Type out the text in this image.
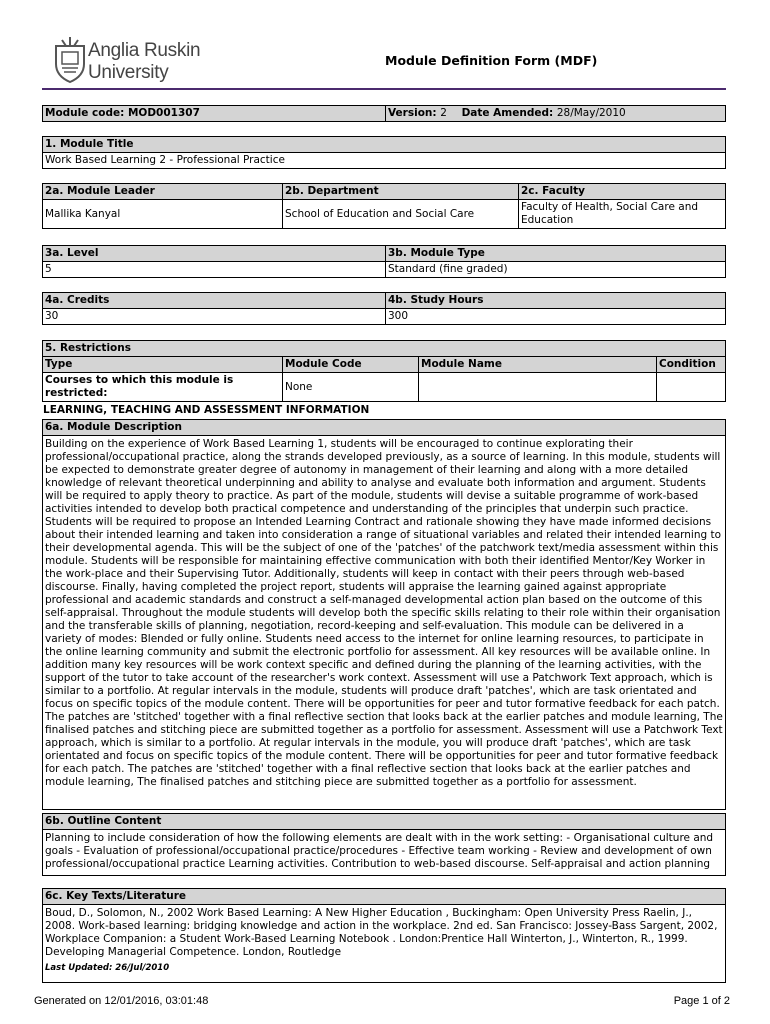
Anglia Ruskin
University
Module Definition Form (MDF)
Module code: MOD001307	Version: 2 Date Amended: 28/May/2010
1. Module Title
Work Based Learning 2 - Professional Practice
2a. Module Leader	2b. Department	2c. Faculty
Mallika Kanyal	School of Education and Social Care	Faculty of Health, Social Care and Education
3a. Level	3b. Module Type
5	Standard (fine graded)
4a. Credits	4b. Study Hours
30	300
5. Restrictions			
Type	Module Code	Module Name	Condition
Courses to which this module is restricted:	None		
LEARNING, TEACHING AND ASSESSMENT INFORMATION
6a. Module Description
Building on the experience of Work Based Learning 1, students will be encouraged to continue explorating their professional/occupational practice, along the strands developed previously, as a source of learning. In this module, students will be expected to demonstrate greater degree of autonomy in management of their learning and along with a more detailed knowledge of relevant theoretical underpinning and ability to analyse and evaluate both information and argument. Students will be required to apply theory to practice. As part of the module, students will devise a suitable programme of work-based activities intended to develop both practical competence and understanding of the principles that underpin such practice. Students will be required to propose an Intended Learning Contract and rationale showing they have made informed decisions about their intended learning and taken into consideration a range of situational variables and related their intended learning to their developmental agenda. This will be the subject of one of the 'patches' of the patchwork text/media assessment within this module. Students will be responsible for maintaining effective communication with both their identified Mentor/Key Worker in the work-place and their Supervising Tutor. Additionally, students will keep in contact with their peers through web-based discourse. Finally, having completed the project report, students will appraise the learning gained against appropriate professional and academic standards and construct a self-managed developmental action plan based on the outcome of this self-appraisal. Throughout the module students will develop both the specific skills relating to their role within their organisation and the transferable skills of planning, negotiation, record-keeping and self-evaluation. This module can be delivered in a variety of modes: Blended or fully online. Students need access to the internet for online learning resources, to participate in the online learning community and submit the electronic portfolio for assessment. All key resources will be available online. In addition many key resources will be work context specific and defined during the planning of the learning activities, with the support of the tutor to take account of the researcher's work context. Assessment will use a Patchwork Text approach, which is similar to a portfolio. At regular intervals in the module, students will produce draft 'patches', which are task orientated and focus on specific topics of the module content. There will be opportunities for peer and tutor formative feedback for each patch. The patches are 'stitched' together with a final reflective section that looks back at the earlier patches and module learning, The finalised patches and stitching piece are submitted together as a portfolio for assessment. Assessment will use a Patchwork Text approach, which is similar to a portfolio. At regular intervals in the module, you will produce draft 'patches', which are task orientated and focus on specific topics of the module content. There will be opportunities for peer and tutor formative feedback for each patch. The patches are 'stitched' together with a final reflective section that looks back at the earlier patches and module learning, The finalised patches and stitching piece are submitted together as a portfolio for assessment.
6b. Outline Content
Planning to include consideration of how the following elements are dealt with in the work setting: - Organisational culture and goals - Evaluation of professional/occupational practice/procedures - Effective team working - Review and development of own professional/occupational practice Learning activities. Contribution to web-based discourse. Self-appraisal and action planning
6c. Key Texts/Literature

Boud, D., Solomon, N., 2002 Work Based Learning: A New Higher Education , Buckingham: Open University Press Raelin, J., 2008. Work-based learning: bridging knowledge and action in the workplace. 2nd ed. San Francisco: Jossey-Bass Sargent, 2002, Workplace Companion: a Student Work-Based Learning Notebook . London:Prentice Hall Winterton, J., Winterton, R., 1999. Developing Managerial Competence. London, Routledge
Last Updated: 26/Jul/2010
Generated on 12/01/2016, 03:01:48	Page 1 of 2
